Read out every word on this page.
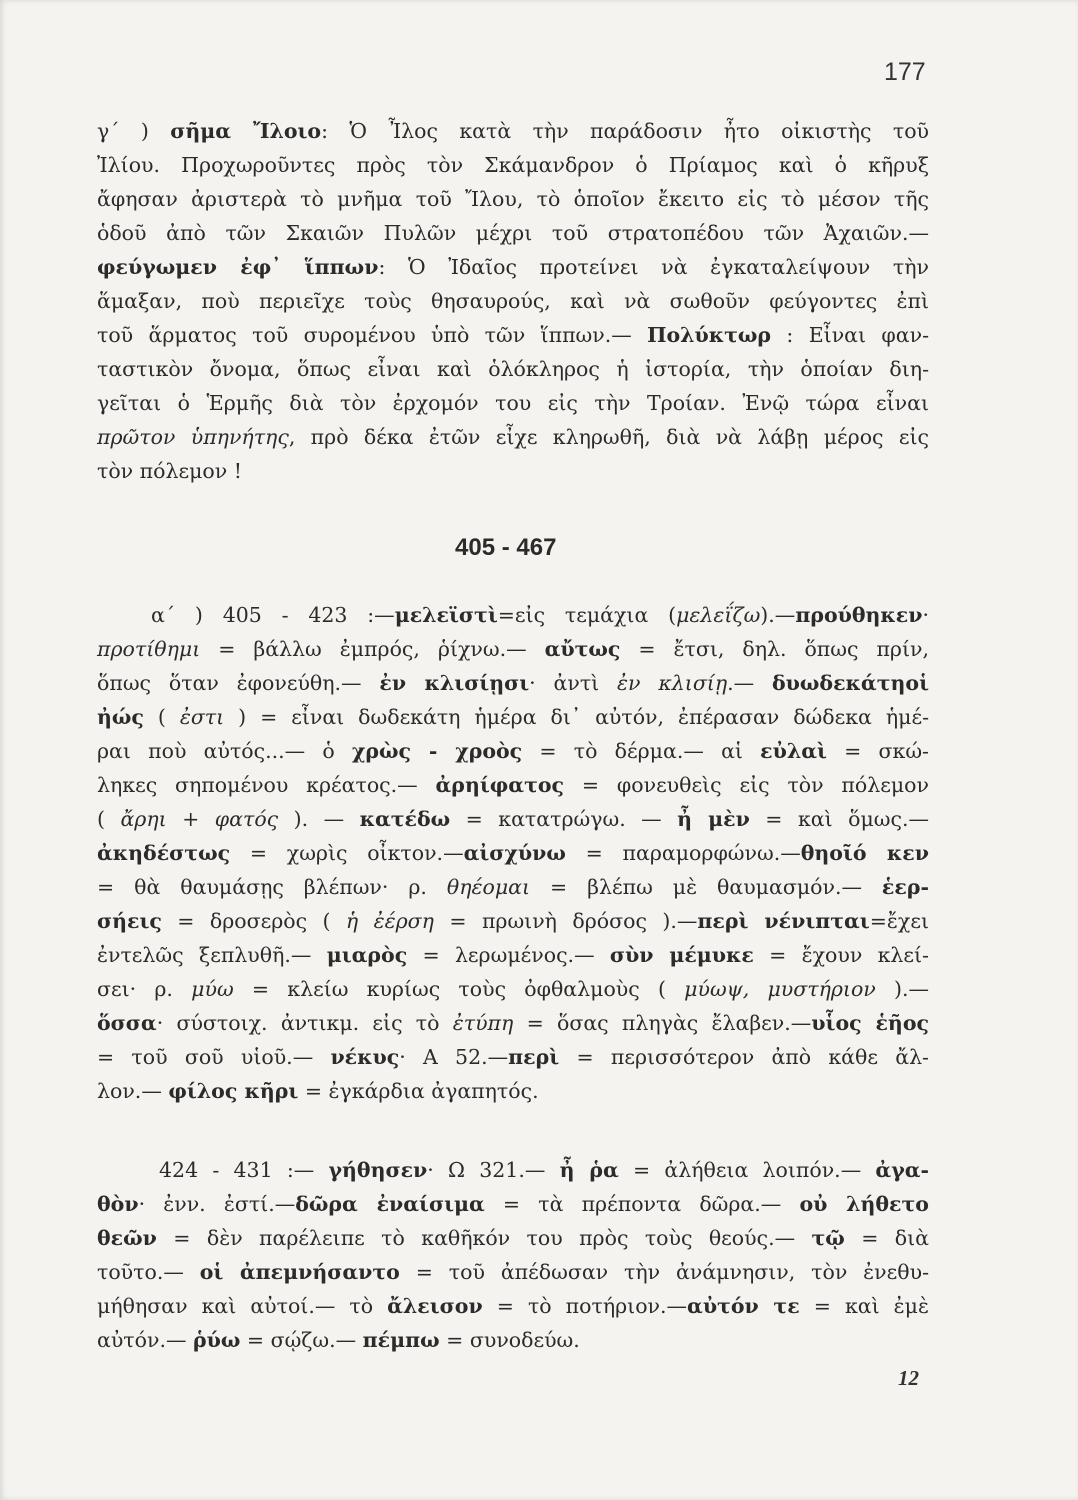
177
γ΄ ) σῆμα Ἴλοιο: Ὁ Ἶλος κατὰ τὴν παράδοσιν ἦτο οἰκιστὴς τοῦ
Ἰλίου. Προχωροῦντες πρὸς τὸν Σκάμανδρον ὁ Πρίαμος καὶ ὁ κῆρυξ
ἄφησαν ἀριστερὰ τὸ μνῆμα τοῦ Ἴλου, τὸ ὁποῖον ἔκειτο εἰς τὸ μέσον τῆς
ὁδοῦ ἀπὸ τῶν Σκαιῶν Πυλῶν μέχρι τοῦ στρατοπέδου τῶν Ἀχαιῶν.—
φεύγωμεν ἐφ᾽ ἵππων: Ὁ Ἰδαῖος προτείνει νὰ ἐγκαταλείψουν τὴν
ἅμαξαν, ποὺ περιεῖχε τοὺς θησαυρούς, καὶ νὰ σωθοῦν φεύγοντες ἐπὶ
τοῦ ἅρματος τοῦ συρομένου ὑπὸ τῶν ἵππων.— Πολύκτωρ : Εἶναι φαν-
ταστικὸν ὄνομα, ὅπως εἶναι καὶ ὁλόκληρος ἡ ἱστορία, τὴν ὁποίαν διη-
γεῖται ὁ Ἑρμῆς διὰ τὸν ἐρχομόν του εἰς τὴν Τροίαν. Ἐνῷ τώρα εἶναι
πρῶτον ὑπηνήτης, πρὸ δέκα ἐτῶν εἶχε κληρωθῆ, διὰ νὰ λάβῃ μέρος εἰς
τὸν πόλεμον !
405 - 467
α΄ ) 405 - 423 :—μελεϊστὶ=εἰς τεμάχια (μελεΐζω).—προύθηκεν·
προτίθημι = βάλλω ἐμπρός, ῥίχνω.— αὔτως = ἔτσι, δηλ. ὅπως πρίν,
ὅπως ὅταν ἐφονεύθη.— ἐν κλισίῃσι· ἀντὶ ἐν κλισίῃ.— δυωδεκάτηοἱ
ἠώς ( ἐστι ) = εἶναι δωδεκάτη ἡμέρα δι᾽ αὐτόν, ἐπέρασαν δώδεκα ἡμέ-
ραι ποὺ αὐτός...— ὁ χρὼς - χροὸς = τὸ δέρμα.— αἱ εὐλαὶ = σκώ-
ληκες σηπομένου κρέατος.— ἀρηίφατος = φονευθεὶς εἰς τὸν πόλεμον
( ἄρηι + φατός ). — κατέδω = κατατρώγω. — ἦ μὲν = καὶ ὅμως.—
ἀκηδέστως = χωρὶς οἶκτον.—αἰσχύνω = παραμορφώνω.—θηοῖό κεν
= θὰ θαυμάσῃς βλέπων· ρ. θηέομαι = βλέπω μὲ θαυμασμόν.— ἑερ-
σήεις = δροσερὸς ( ἡ ἐέρση = πρωινὴ δρόσος ).—περὶ νένιπται=ἔχει
ἐντελῶς ξεπλυθῆ.— μιαρὸς = λερωμένος.— σὺν μέμυκε = ἔχουν κλεί-
σει· ρ. μύω = κλείω κυρίως τοὺς ὀφθαλμοὺς ( μύωψ, μυστήριον ).—
ὅσσα· σύστοιχ. ἀντικμ. εἰς τὸ ἐτύπη = ὅσας πληγὰς ἔλαβεν.—υἷος ἑῆος
= τοῦ σοῦ υἱοῦ.— νέκυς· Α 52.—περὶ = περισσότερον ἀπὸ κάθε ἄλ-
λον.— φίλος κῆρι = ἐγκάρδια ἀγαπητός.
424 - 431 :— γήθησεν· Ω 321.— ἦ ῥα = ἀλήθεια λοιπόν.— ἀγα-
θὸν· ἐνν. ἐστί.—δῶρα ἐναίσιμα = τὰ πρέποντα δῶρα.— οὐ λήθετο
θεῶν = δὲν παρέλειπε τὸ καθῆκόν του πρὸς τοὺς θεούς.— τῷ = διὰ
τοῦτο.— οἱ ἀπεμνήσαντο = τοῦ ἀπέδωσαν τὴν ἀνάμνησιν, τὸν ἐνεθυ-
μήθησαν καὶ αὐτοί.— τὸ ἄλεισον = τὸ ποτήριον.—αὐτόν τε = καὶ ἐμὲ
αὐτόν.— ῥύω = σῴζω.— πέμπω = συνοδεύω.
12
